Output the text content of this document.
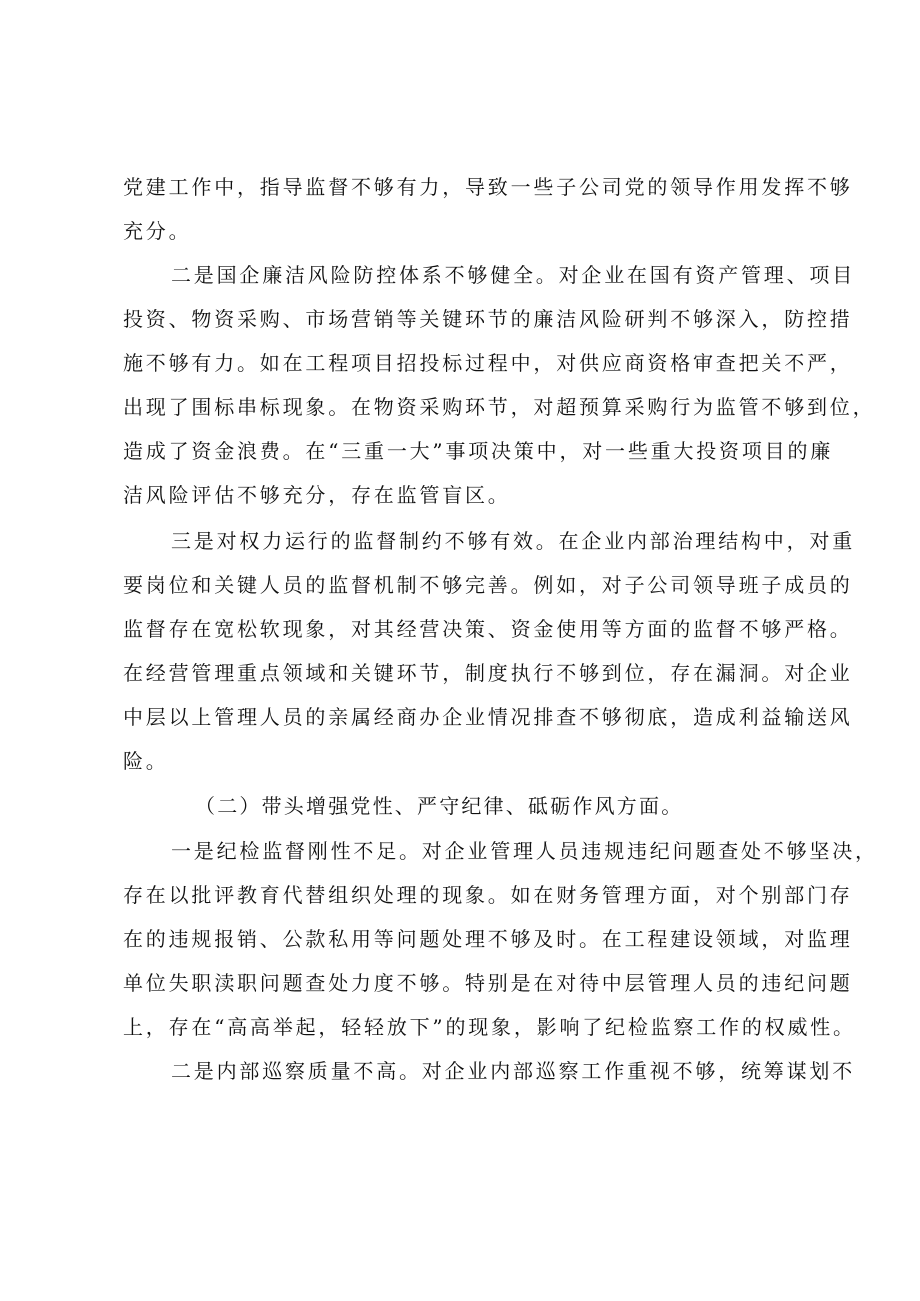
党建工作中，指导监督不够有力，导致一些子公司党的领导作用发挥不够
充分。
二是国企廉洁风险防控体系不够健全。对企业在国有资产管理、项目
投资、物资采购、市场营销等关键环节的廉洁风险研判不够深入，防控措
施不够有力。如在工程项目招投标过程中，对供应商资格审查把关不严，
出现了围标串标现象。在物资采购环节，对超预算采购行为监管不够到位，
造成了资金浪费。在“三重一大”事项决策中，对一些重大投资项目的廉
洁风险评估不够充分，存在监管盲区。
三是对权力运行的监督制约不够有效。在企业内部治理结构中，对重
要岗位和关键人员的监督机制不够完善。例如，对子公司领导班子成员的
监督存在宽松软现象，对其经营决策、资金使用等方面的监督不够严格。
在经营管理重点领域和关键环节，制度执行不够到位，存在漏洞。对企业
中层以上管理人员的亲属经商办企业情况排查不够彻底，造成利益输送风
险。
（二）带头增强党性、严守纪律、砥砺作风方面。
一是纪检监督刚性不足。对企业管理人员违规违纪问题查处不够坚决，
存在以批评教育代替组织处理的现象。如在财务管理方面，对个别部门存
在的违规报销、公款私用等问题处理不够及时。在工程建设领域，对监理
单位失职渎职问题查处力度不够。特别是在对待中层管理人员的违纪问题
上，存在“高高举起，轻轻放下”的现象，影响了纪检监察工作的权威性。
二是内部巡察质量不高。对企业内部巡察工作重视不够，统筹谋划不
